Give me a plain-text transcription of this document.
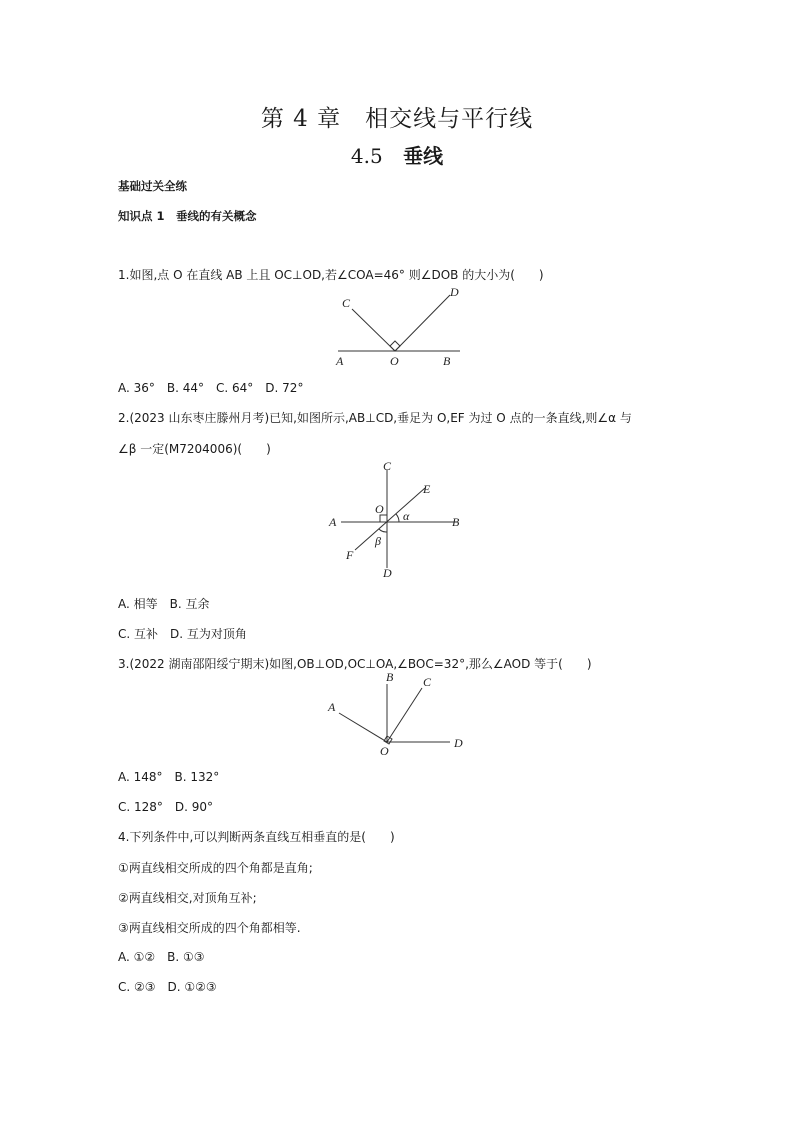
第 4 章　相交线与平行线
4.5 垂线
基础过关全练
知识点 1　垂线的有关概念
1.如图,点 O 在直线 AB 上且 OC⊥OD,若∠COA=46° 则∠DOB 的大小为(　　)
C
D
A	O	B
A. 36°　B. 44°　C. 64°　D. 72°
2.(2023 山东枣庄滕州月考)已知,如图所示,AB⊥CD,垂足为 O,EF 为过 O 点的一条直线,则∠α 与
∠β 一定(M7204006)(　　)
C
E
O α
A	B
β
F
D
A. 相等　B. 互余
C. 互补　D. 互为对顶角
3.(2022 湖南邵阳绥宁期末)如图,OB⊥OD,OC⊥OA,∠BOC=32°,那么∠AOD 等于(　　)
B C
A
D
O
A. 148°　B. 132°
C. 128°　D. 90°
4.下列条件中,可以判断两条直线互相垂直的是(　　)
①两直线相交所成的四个角都是直角;
②两直线相交,对顶角互补;
③两直线相交所成的四个角都相等.
A. ①②　B. ①③
C. ②③　D. ①②③
